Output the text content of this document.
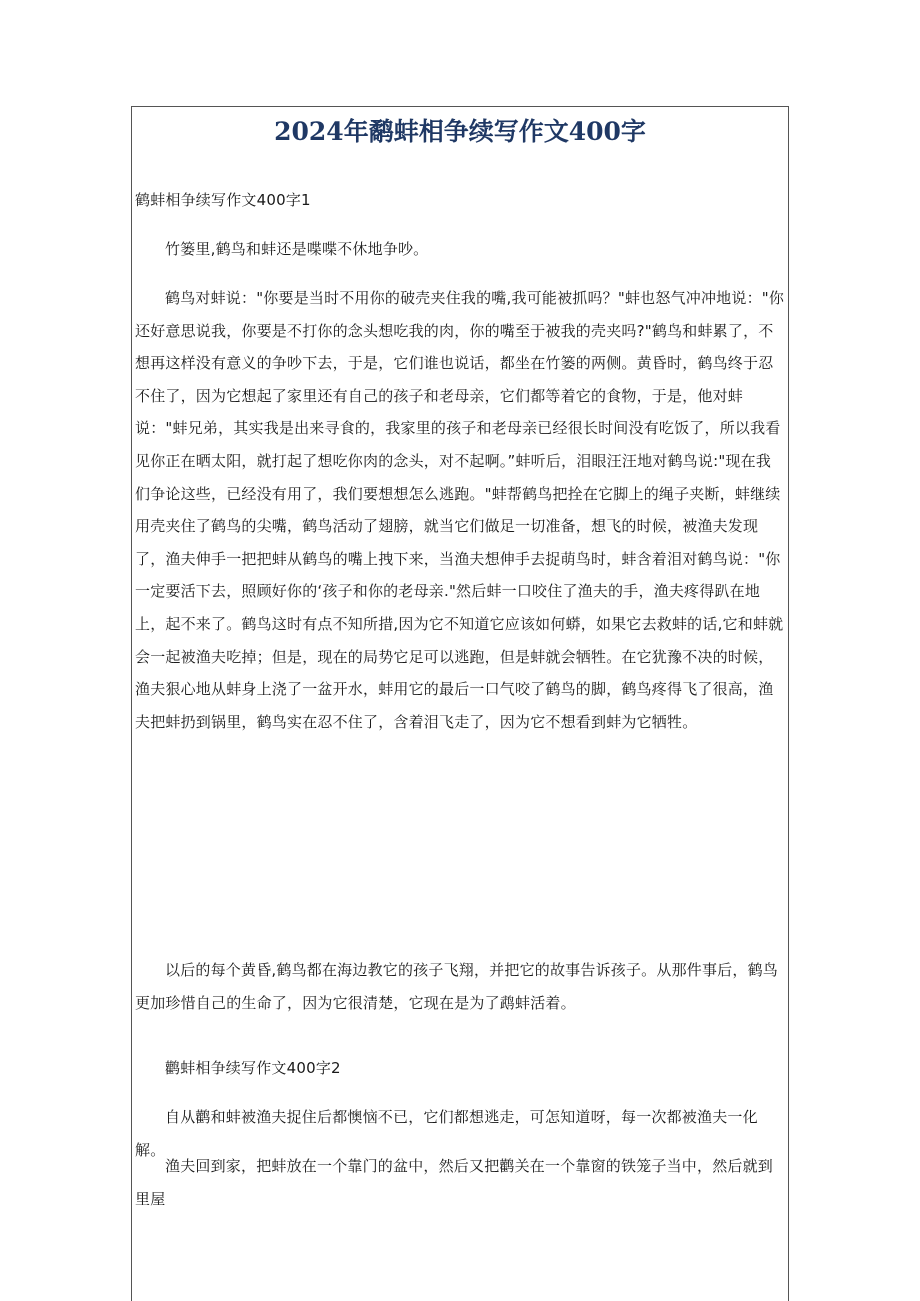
2024年鹬蚌相争续写作文400字

鹤蚌相争续写作文400字1

竹篓里,鹤鸟和蚌还是喋喋不休地争吵。

鹤鸟对蚌说："你要是当时不用你的破壳夹住我的嘴,我可能被抓吗？"蚌也怒气冲冲地说："你还好意思说我，你要是不打你的念头想吃我的肉，你的嘴至于被我的壳夹吗?"鹤鸟和蚌累了，不想再这样没有意义的争吵下去，于是，它们谁也说话，都坐在竹篓的两侧。黄昏时，鹤鸟终于忍不住了，因为它想起了家里还有自己的孩子和老母亲，它们都等着它的食物，于是，他对蚌说："蚌兄弟，其实我是出来寻食的，我家里的孩子和老母亲已经很长时间没有吃饭了，所以我看见你正在晒太阳，就打起了想吃你肉的念头，对不起啊。”蚌听后，泪眼汪汪地对鹤鸟说:"现在我们争论这些，已经没有用了，我们要想想怎么逃跑。"蚌帮鹤鸟把拴在它脚上的绳子夹断，蚌继续用壳夹住了鹤鸟的尖嘴，鹤鸟活动了翅膀，就当它们做足一切准备，想飞的时候，被渔夫发现了，渔夫伸手一把把蚌从鹤鸟的嘴上拽下来，当渔夫想伸手去捉萌鸟时，蚌含着泪对鹤鸟说："你一定要活下去，照顾好你的‘孩子和你的老母亲."然后蚌一口咬住了渔夫的手，渔夫疼得趴在地上，起不来了。鹤鸟这时有点不知所措,因为它不知道它应该如何蟒，如果它去救蚌的话,它和蚌就会一起被渔夫吃掉；但是，现在的局势它足可以逃跑，但是蚌就会牺牲。在它犹豫不决的时候，渔夫狠心地从蚌身上浇了一盆开水，蚌用它的最后一口气咬了鹤鸟的脚，鹤鸟疼得飞了很高，渔夫把蚌扔到锅里，鹤鸟实在忍不住了，含着泪飞走了，因为它不想看到蚌为它牺牲。

以后的每个黄昏,鹤鸟都在海边教它的孩子飞翔，并把它的故事告诉孩子。从那件事后，鹤鸟更加珍惜自己的生命了，因为它很清楚，它现在是为了鹉蚌活着。

鹳蚌相争续写作文400字2

自从鹳和蚌被渔夫捉住后都懊恼不已，它们都想逃走，可怎知道呀，每一次都被渔夫一化解。

渔夫回到家，把蚌放在一个靠门的盆中，然后又把鹳关在一个靠窗的铁笼子当中，然后就到里屋
